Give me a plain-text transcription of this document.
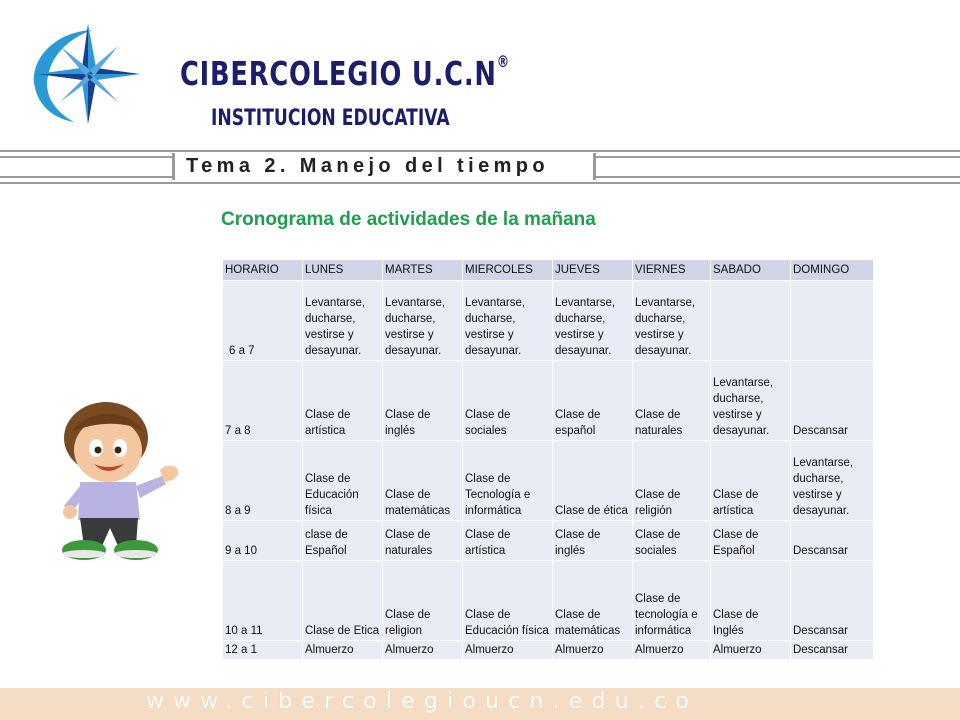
CIBERCOLEGIO U.C.N®
INSTITUCION EDUCATIVA
Tema 2. Manejo del tiempo
Cronograma de actividades de la mañana
HORARIO	LUNES	MARTES	MIERCOLES	JUEVES	VIERNES	SABADO	DOMINGO
6 a 7	Levantarse, ducharse, vestirse y desayunar.	Levantarse, ducharse, vestirse y desayunar.	Levantarse, ducharse, vestirse y desayunar.	Levantarse, ducharse, vestirse y desayunar.	Levantarse, ducharse, vestirse y desayunar.		
7 a 8	Clase de artística	Clase de inglés	Clase de sociales	Clase de español	Clase de naturales	Levantarse, ducharse, vestirse y desayunar.	Descansar
8 a 9	Clase de Educación física	Clase de matemáticas	Clase de Tecnología e informática	Clase de ética	Clase de religión	Clase de artística	Levantarse, ducharse, vestirse y desayunar.
9 a 10	clase de Español	Clase de naturales	Clase de artística	Clase de inglés	Clase de sociales	Clase de Español	Descansar
10 a 11	Clase de Etica	Clase de religion	Clase de Educación física	Clase de matemáticas	Clase de tecnología e informática	Clase de Inglés	Descansar
12 a 1	Almuerzo	Almuerzo	Almuerzo	Almuerzo	Almuerzo	Almuerzo	Descansar
www.cibercolegioucn.edu.co
